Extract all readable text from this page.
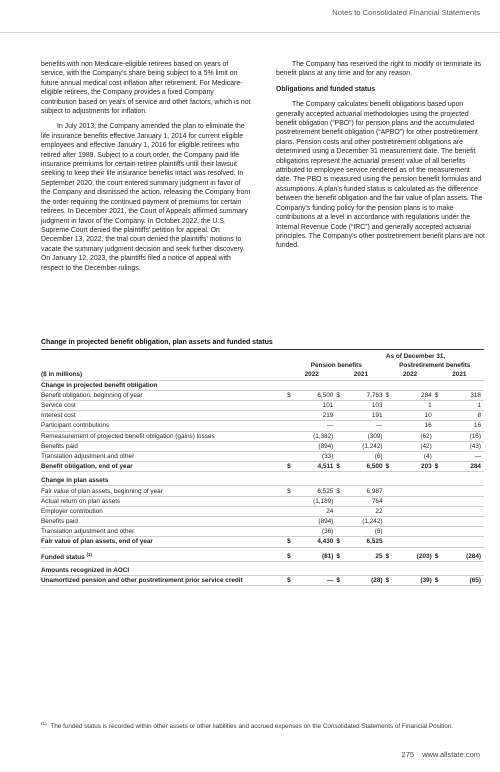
Notes to Consolidated Financial Statements

benefits with non Medicare-eligible retirees based on years of service, with the Company’s share being subject to a 5% limit on future annual medical cost inflation after retirement. For Medicare-eligible retirees, the Company provides a fixed Company contribution based on years of service and other factors, which is not subject to adjustments for inflation.

In July 2013, the Company amended the plan to eliminate the life insurance benefits effective January 1, 2014 for current eligible employees and effective January 1, 2016 for eligible retirees who retired after 1989. Subject to a court order, the Company paid life insurance premiums for certain retiree plaintiffs until their lawsuit seeking to keep their life insurance benefits intact was resolved. In September 2020, the court entered summary judgment in favor of the Company and dismissed the action, releasing the Company from the order requiring the continued payment of premiums for certain retirees. In December 2021, the Court of Appeals affirmed summary judgment in favor of the Company. In October 2022, the U.S. Supreme Court denied the plaintiffs’ petition for appeal. On December 13, 2022, the trial court denied the plaintiffs’ motions to vacate the summary judgment decision and seek further discovery. On January 12, 2023, the plaintiffs filed a notice of appeal with respect to the December rulings.

The Company has reserved the right to modify or terminate its benefit plans at any time and for any reason.

Obligations and funded status

The Company calculates benefit obligations based upon generally accepted actuarial methodologies using the projected benefit obligation (“PBO”) for pension plans and the accumulated postretirement benefit obligation (“APBO”) for other postretirement plans. Pension costs and other postretirement obligations are determined using a December 31 measurement date. The benefit obligations represent the actuarial present value of all benefits attributed to employee service rendered as of the measurement date. The PBO is measured using the pension benefit formulas and assumptions. A plan’s funded status is calculated as the difference between the benefit obligation and the fair value of plan assets. The Company’s funding policy for the pension plans is to make contributions at a level in accordance with regulations under the Internal Revenue Code (“IRC”) and generally accepted actuarial principles. The Company’s other postretirement benefit plans are not funded.

Change in projected benefit obligation, plan assets and funded status
	As of December 31,							
	Pension benefits				Postretirement benefits			
($ in millions)	2022		2021		2022		2021	
Change in projected benefit obligation								
Benefit obligation, beginning of year	$	6,500	$	7,763	$	284	$	318
Service cost		101		103		1		1
Interest cost		219		191		10		8
Participant contributions		—		—		16		16
Remeasurement of projected benefit obligation (gains) losses		(1,382)		(309)		(62)		(16)
Benefits paid		(894)		(1,242)		(42)		(43)
Translation adjustment and other		(33)		(6)		(4)		—
Benefit obligation, end of year	$	4,511	$	6,500	$	203	$	284

Change in plan assets								
Fair value of plan assets, beginning of year	$	6,525	$	6,987				
Actual return on plan assets		(1,189)		764				
Employer contribution		24		22				
Benefits paid		(894)		(1,242)				
Translation adjustment and other		(36)		(6)				
Fair value of plan assets, end of year	$	4,430	$	6,525				

Funded status $^{(1)}$	$	(81)	$	25	$	(203)	$	(284)

Amounts recognized in AOCI								
Unamortized pension and other postretirement prior service credit	$	—	$	(28)	$	(39)	$	(65)
$^{(1)}$ The funded status is recorded within other assets or other liabilities and accrued expenses on the Consolidated Statements of Financial Position.
275 www.allstate.com
